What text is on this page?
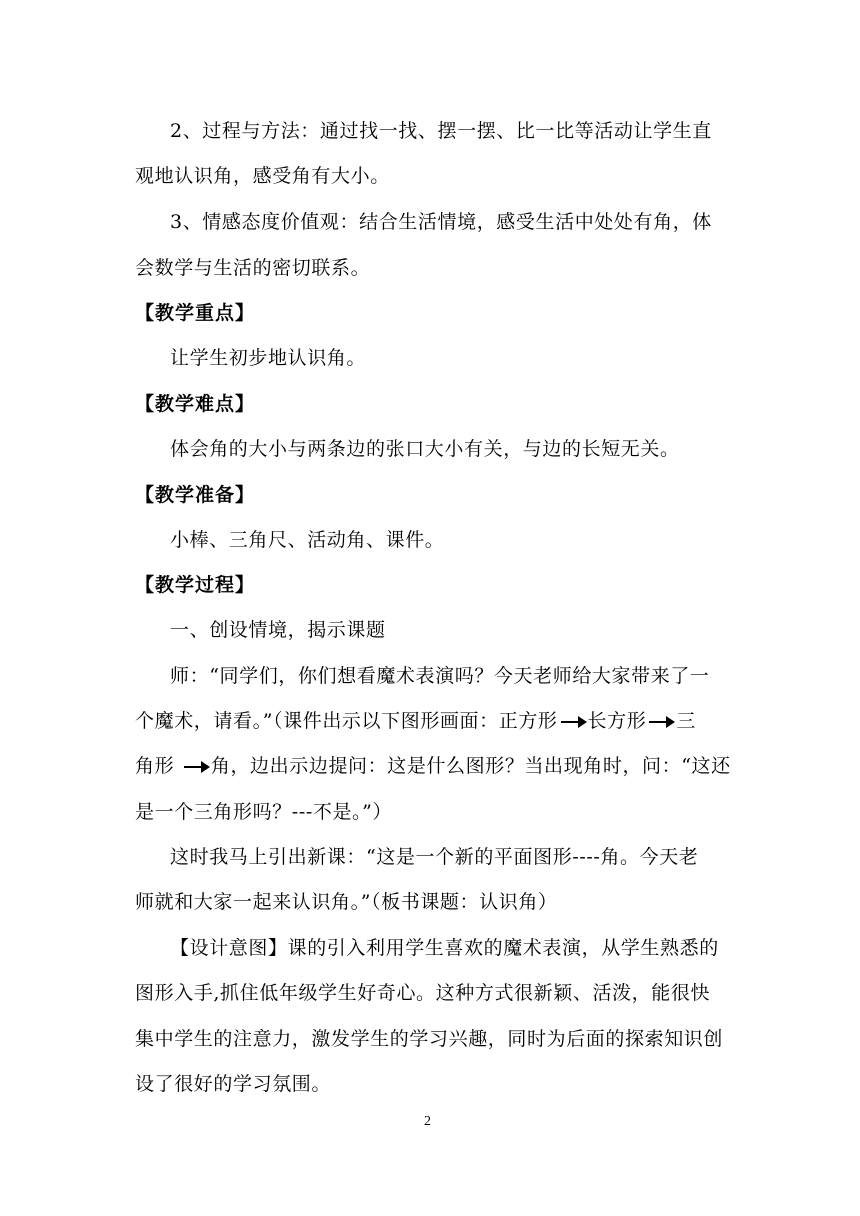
2、过程与方法：通过找一找、摆一摆、比一比等活动让学生直
观地认识角，感受角有大小。
3、情感态度价值观：结合生活情境，感受生活中处处有角，体
会数学与生活的密切联系。
【教学重点】
让学生初步地认识角。
【教学难点】
体会角的大小与两条边的张口大小有关，与边的长短无关。
【教学准备】
小棒、三角尺、活动角、课件。
【教学过程】
一、创设情境，揭示课题
师：“同学们，你们想看魔术表演吗？今天老师给大家带来了一
个魔术，请看。”（课件出示以下图形画面：正方形 长方形 三
角形 角，边出示边提问：这是什么图形？当出现角时，问：“这还
是一个三角形吗？---不是。”）
这时我马上引出新课：“这是一个新的平面图形----角。今天老
师就和大家一起来认识角。”（板书课题：认识角）
【设计意图】课的引入利用学生喜欢的魔术表演，从学生熟悉的
图形入手,抓住低年级学生好奇心。这种方式很新颖、活泼，能很快
集中学生的注意力，激发学生的学习兴趣，同时为后面的探索知识创
设了很好的学习氛围。
2
